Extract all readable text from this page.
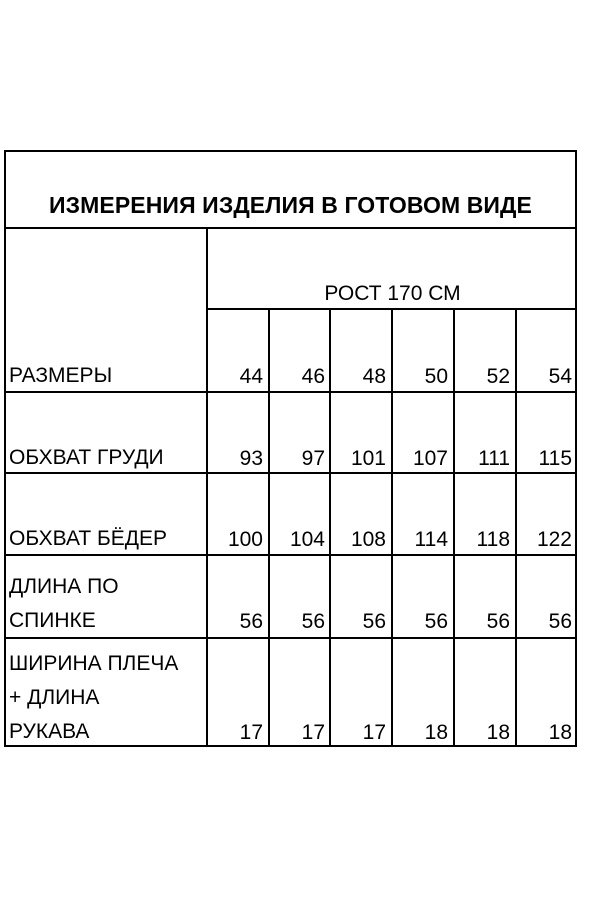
ИЗМЕРЕНИЯ ИЗДЕЛИЯ В ГОТОВОМ ВИДЕ
РОСТ 170 СМ
РАЗМЕРЫ	44	46	48	50	52	54
ОБХВАТ ГРУДИ	93	97	101	107	111	115
ОБХВАТ БЁДЕР	100	104	108	114	118	122
ДЛИНА ПО
СПИНКЕ	56	56	56	56	56	56
ШИРИНА ПЛЕЧА
+ ДЛИНА
РУКАВА	17	17	17	18	18	18
